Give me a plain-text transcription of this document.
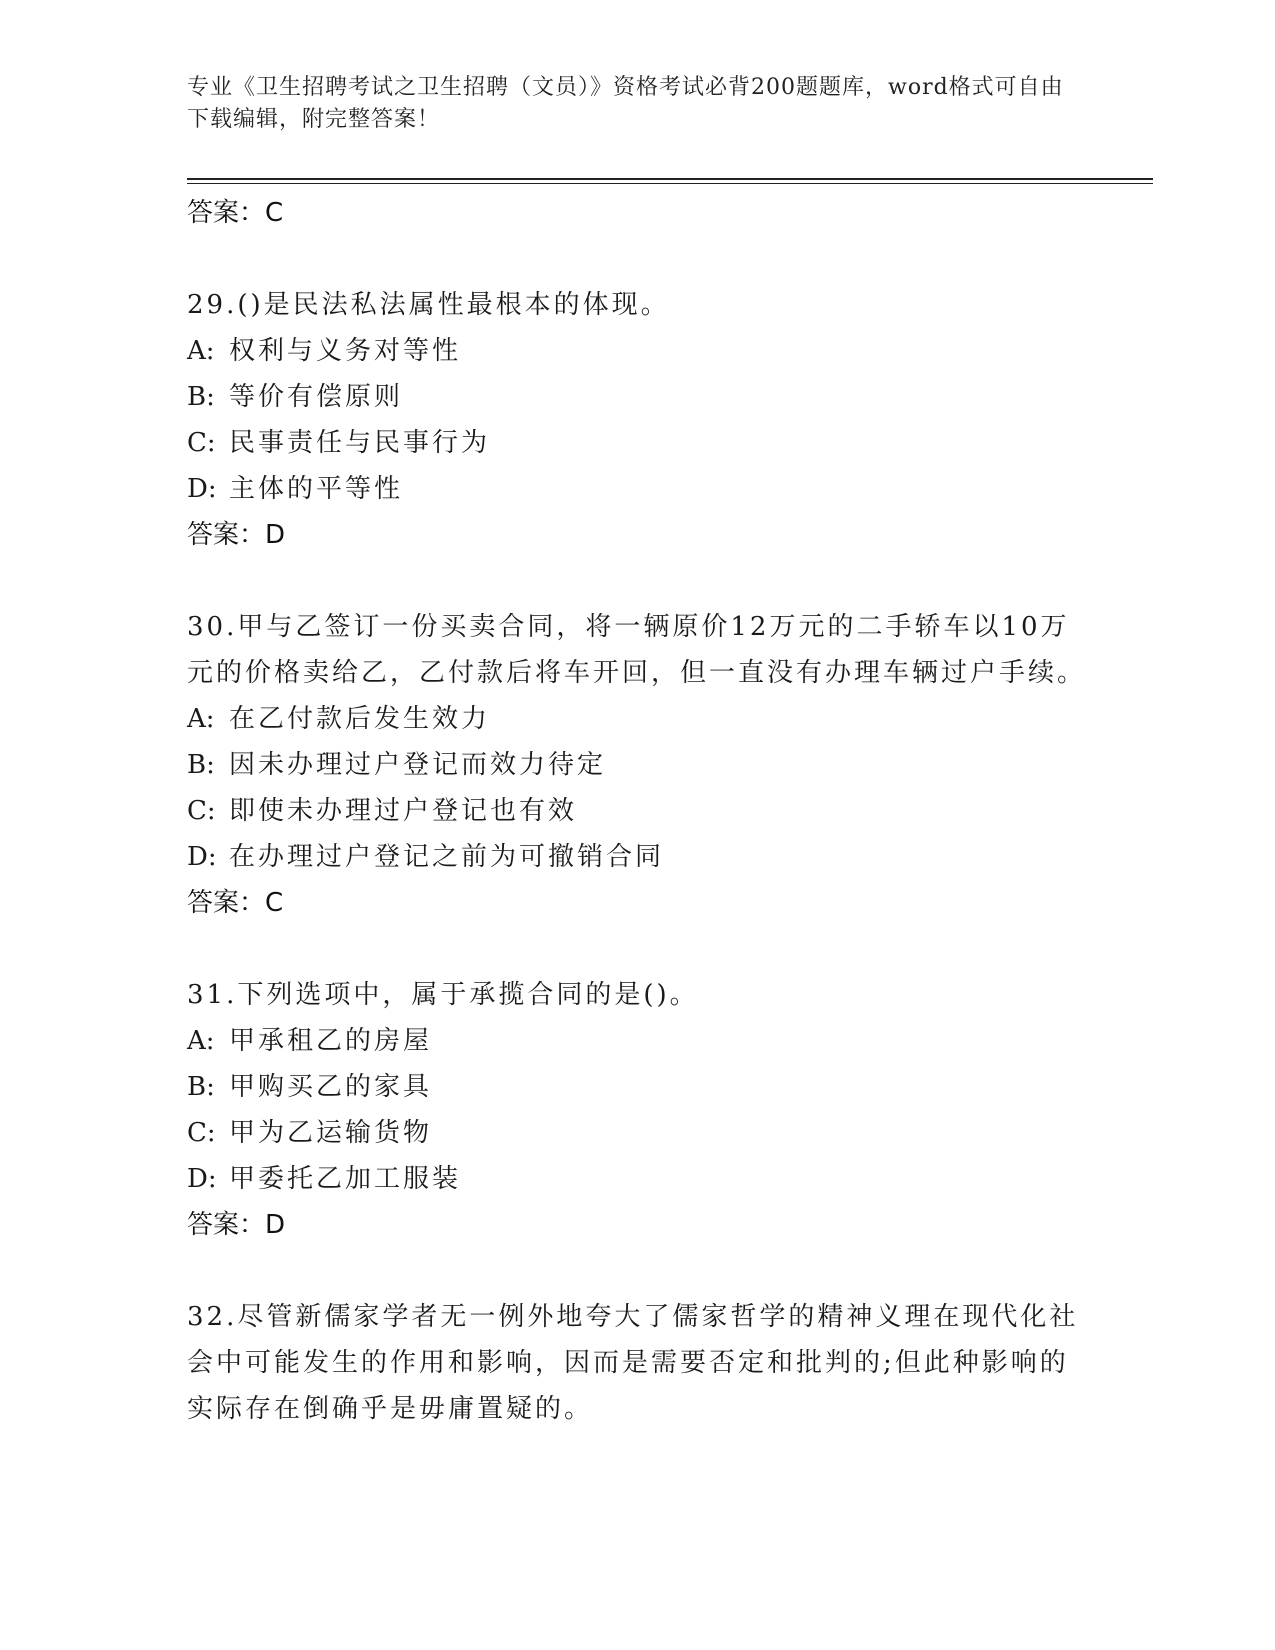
专业《卫生招聘考试之卫生招聘（文员）》资格考试必背200题题库，word格式可自由下载编辑，附完整答案！
答案：C
29.()是民法私法属性最根本的体现。
A: 权利与义务对等性
B: 等价有偿原则
C: 民事责任与民事行为
D: 主体的平等性
答案：D
30.甲与乙签订一份买卖合同，将一辆原价12万元的二手轿车以10万元的价格卖给乙，乙付款后将车开回，但一直没有办理车辆过户手续。
A: 在乙付款后发生效力
B: 因未办理过户登记而效力待定
C: 即使未办理过户登记也有效
D: 在办理过户登记之前为可撤销合同
答案：C
31.下列选项中，属于承揽合同的是()。
A: 甲承租乙的房屋
B: 甲购买乙的家具
C: 甲为乙运输货物
D: 甲委托乙加工服装
答案：D
32.尽管新儒家学者无一例外地夸大了儒家哲学的精神义理在现代化社会中可能发生的作用和影响，因而是需要否定和批判的;但此种影响的实际存在倒确乎是毋庸置疑的。
